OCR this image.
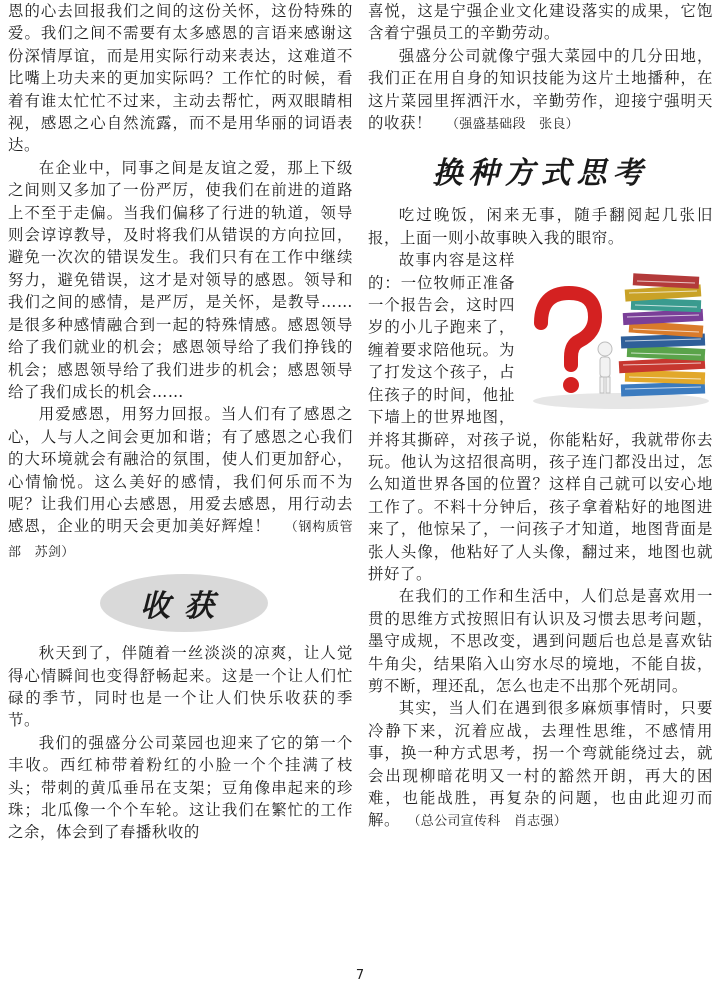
恩的心去回报我们之间的这份关怀，这份特殊的爱。我们之间不需要有太多感恩的言语来感谢这份深情厚谊，而是用实际行动来表达，这难道不比嘴上功夫来的更加实际吗？工作忙的时候，看着有谁太忙忙不过来，主动去帮忙，两双眼睛相视，感恩之心自然流露，而不是用华丽的词语表达。

在企业中，同事之间是友谊之爱，那上下级之间则又多加了一份严厉，使我们在前进的道路上不至于走偏。当我们偏移了行进的轨道，领导则会谆谆教导，及时将我们从错误的方向拉回，避免一次次的错误发生。我们只有在工作中继续努力，避免错误，这才是对领导的感恩。领导和我们之间的感情，是严厉，是关怀，是教导……是很多种感情融合到一起的特殊情感。感恩领导给了我们就业的机会；感恩领导给了我们挣钱的机会；感恩领导给了我们进步的机会；感恩领导给了我们成长的机会……

用爱感恩，用努力回报。当人们有了感恩之心，人与人之间会更加和谐；有了感恩之心我们的大环境就会有融洽的氛围，使人们更加舒心，心情愉悦。这么美好的感情，我们何乐而不为呢？让我们用心去感恩，用爱去感恩，用行动去感恩，企业的明天会更加美好辉煌！ （钢构质管部　苏剑）

收获

秋天到了，伴随着一丝淡淡的凉爽，让人觉得心情瞬间也变得舒畅起来。这是一个让人们忙碌的季节，同时也是一个让人们快乐收获的季节。

我们的强盛分公司菜园也迎来了它的第一个丰收。西红柿带着粉红的小脸一个个挂满了枝头；带刺的黄瓜垂吊在支架；豆角像串起来的珍珠；北瓜像一个个车轮。这让我们在繁忙的工作之余，体会到了春播秋收的

喜悦，这是宁强企业文化建设落实的成果，它饱含着宁强员工的辛勤劳动。

强盛分公司就像宁强大菜园中的几分田地，我们正在用自身的知识技能为这片土地播种，在这片菜园里挥洒汗水，辛勤劳作，迎接宁强明天的收获！ （强盛基础段　张良）

换种方式思考

吃过晚饭，闲来无事，随手翻阅起几张旧报，上面一则小故事映入我的眼帘。

故事内容是这样的：一位牧师正准备一个报告会，这时四岁的小儿子跑来了，缠着要求陪他玩。为了打发这个孩子，占住孩子的时间，他扯下墙上的世界地图，并将其撕碎，对孩子说，你能粘好，我就带你去玩。他认为这招很高明，孩子连门都没出过，怎么知道世界各国的位置？这样自己就可以安心地工作了。不料十分钟后，孩子拿着粘好的地图进来了，他惊呆了，一问孩子才知道，地图背面是张人头像，他粘好了人头像，翻过来，地图也就拼好了。

在我们的工作和生活中，人们总是喜欢用一贯的思维方式按照旧有认识及习惯去思考问题，墨守成规，不思改变，遇到问题后也总是喜欢钻牛角尖，结果陷入山穷水尽的境地，不能自拔，剪不断，理还乱，怎么也走不出那个死胡同。

其实，当人们在遇到很多麻烦事情时，只要冷静下来，沉着应战，去理性思维，不感情用事，换一种方式思考，拐一个弯就能绕过去，就会出现柳暗花明又一村的豁然开朗，再大的困难，也能战胜，再复杂的问题，也由此迎刃而解。 （总公司宣传科　肖志强）

7
